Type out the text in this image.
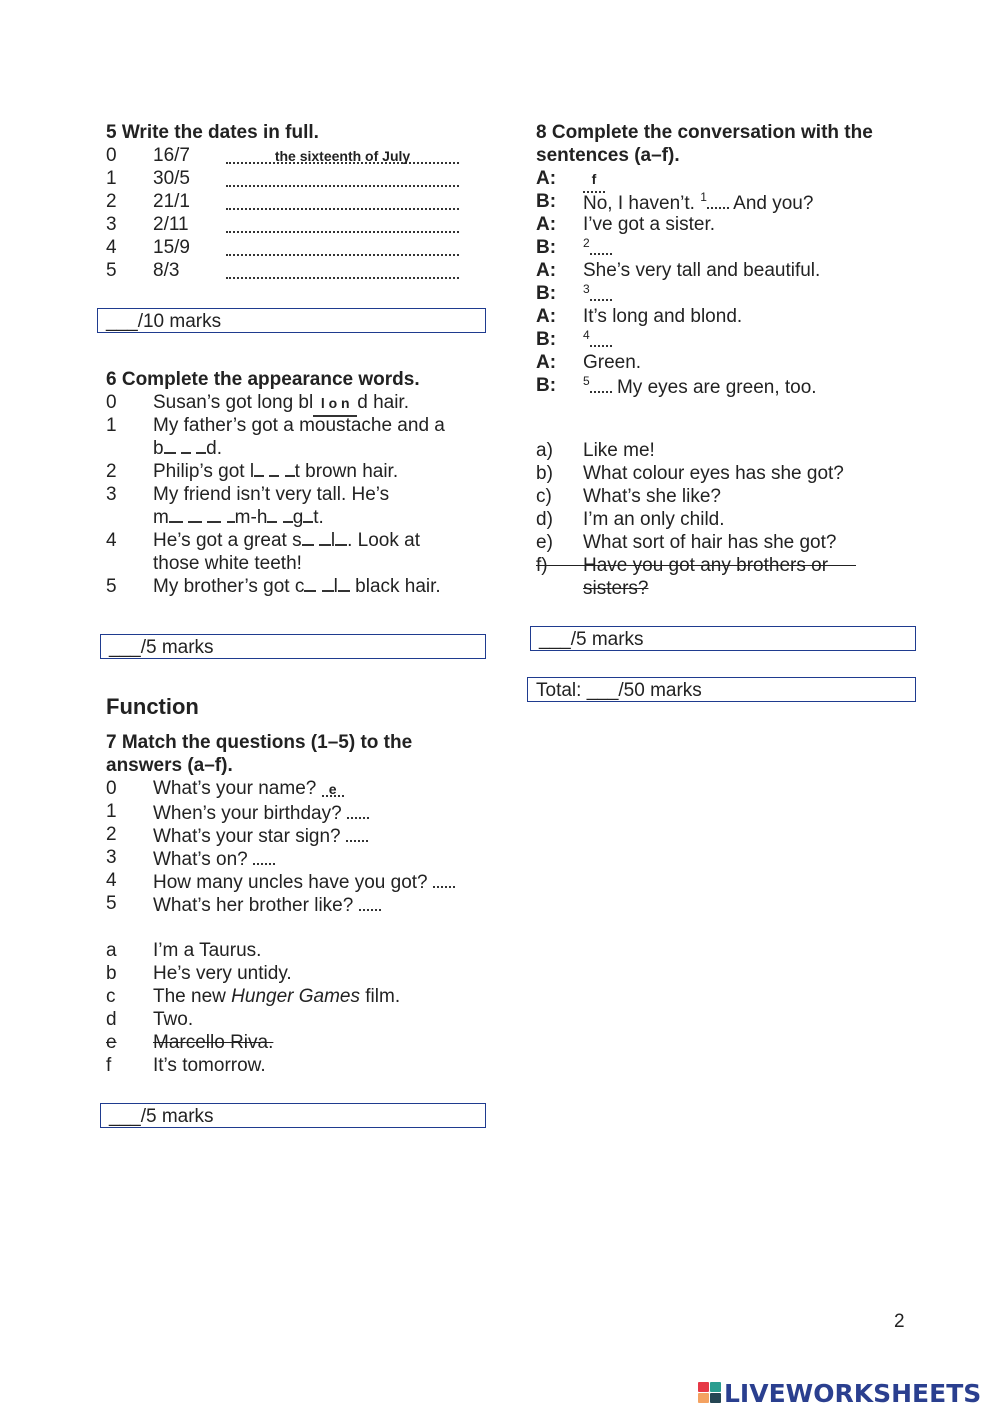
5 Write the dates in full.
0 16/7	the sixteenth of July
1 30/5
2 21/1
3 2/11
4 15/9
5 8/3
___/10 marks
6 Complete the appearance words.
0 Susan’s got long bl l o n d hair.
1 My father’s got a moustache and a
b d.
2 Philip’s got l t brown hair.
3 My friend isn’t very tall. He’s
m	m-h g t.
4 He’s got a great s l . Look at
those white teeth!
5 My brother’s got c l black hair.
___/5 marks
Function
7 Match the questions (1–5) to the
answers (a–f).
0 What’s your name? e
1 When’s your birthday?
2 What’s your star sign?
3 What’s on?
4 How many uncles have you got?
5 What’s her brother like?
a I’m a Taurus.
b He’s very untidy.
c The new Hunger Games film.
d Two.
e Marcello Riva.
f It’s tomorrow.
___/5 marks
8 Complete the conversation with the
sentences (a–f).
A:	f
B: No, I haven’t. $^1$ And you?
A: I’ve got a sister.
B: $^2$
A: She’s very tall and beautiful.
B: $^3$
A: It’s long and blond.
B: $^4$
A: Green.
B: $^5$ My eyes are green, too.
a) Like me!
b) What colour eyes has she got?
c) What’s she like?
d) I’m an only child.
e) What sort of hair has she got?
f) Have you got any brothers or
sisters?
___/5 marks
Total: ___/50 marks
2
LIVEWORKSHEETS
